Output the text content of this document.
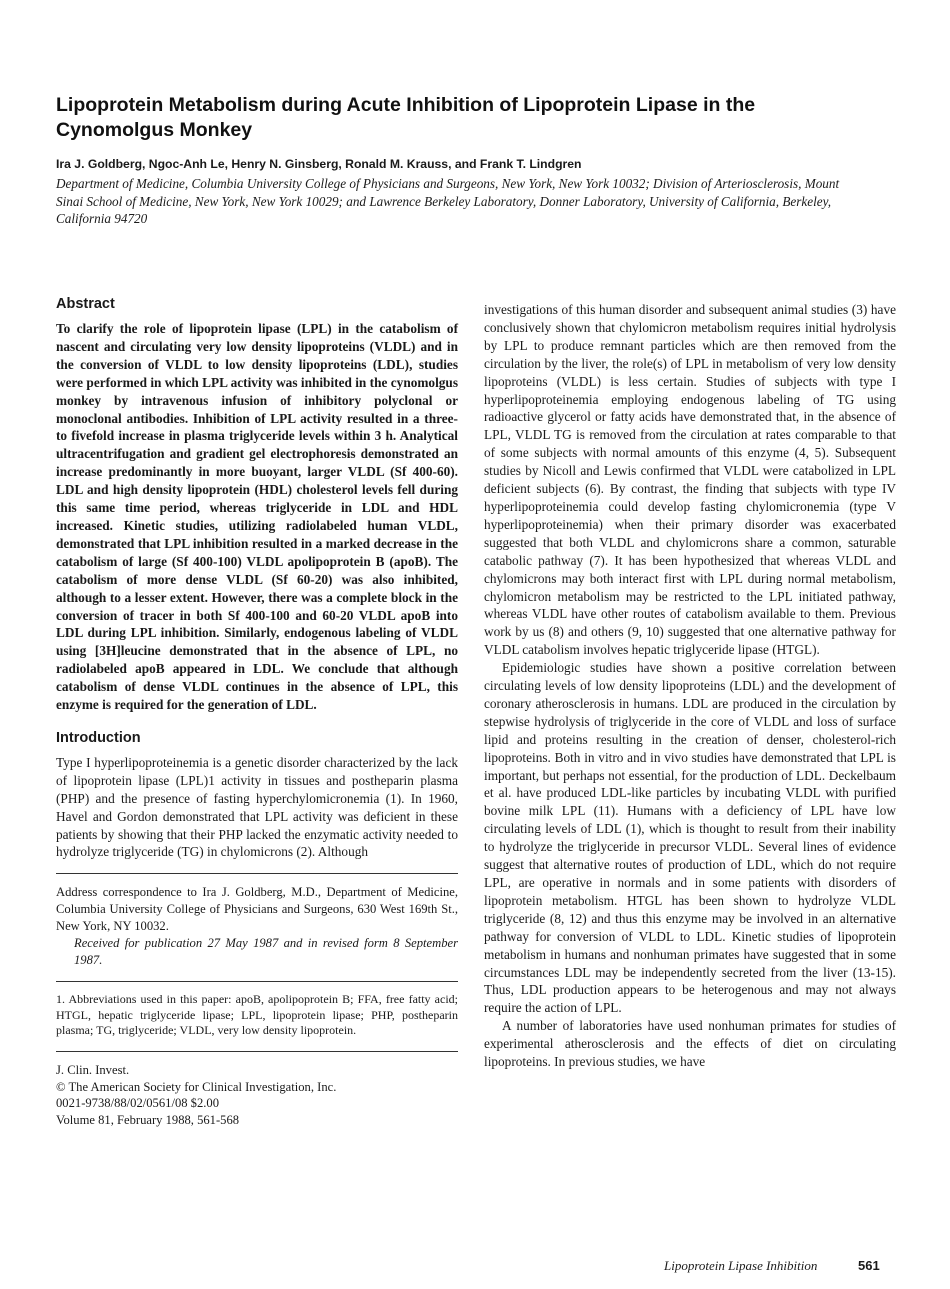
Lipoprotein Metabolism during Acute Inhibition of Lipoprotein Lipase in the Cynomolgus Monkey

Ira J. Goldberg, Ngoc-Anh Le, Henry N. Ginsberg, Ronald M. Krauss, and Frank T. Lindgren

Department of Medicine, Columbia University College of Physicians and Surgeons, New York, New York 10032; Division of Arteriosclerosis, Mount Sinai School of Medicine, New York, New York 10029; and Lawrence Berkeley Laboratory, Donner Laboratory, University of California, Berkeley, California 94720

Abstract

To clarify the role of lipoprotein lipase (LPL) in the catabolism of nascent and circulating very low density lipoproteins (VLDL) and in the conversion of VLDL to low density lipoproteins (LDL), studies were performed in which LPL activity was inhibited in the cynomolgus monkey by intravenous infusion of inhibitory polyclonal or monoclonal antibodies. Inhibition of LPL activity resulted in a three- to fivefold increase in plasma triglyceride levels within 3 h. Analytical ultracentrifugation and gradient gel electrophoresis demonstrated an increase predominantly in more buoyant, larger VLDL (Sf 400-60). LDL and high density lipoprotein (HDL) cholesterol levels fell during this same time period, whereas triglyceride in LDL and HDL increased. Kinetic studies, utilizing radiolabeled human VLDL, demonstrated that LPL inhibition resulted in a marked decrease in the catabolism of large (Sf 400-100) VLDL apolipoprotein B (apoB). The catabolism of more dense VLDL (Sf 60-20) was also inhibited, although to a lesser extent. However, there was a complete block in the conversion of tracer in both Sf 400-100 and 60-20 VLDL apoB into LDL during LPL inhibition. Similarly, endogenous labeling of VLDL using [3H]leucine demonstrated that in the absence of LPL, no radiolabeled apoB appeared in LDL. We conclude that although catabolism of dense VLDL continues in the absence of LPL, this enzyme is required for the generation of LDL.

Introduction

Type I hyperlipoproteinemia is a genetic disorder characterized by the lack of lipoprotein lipase (LPL)1 activity in tissues and postheparin plasma (PHP) and the presence of fasting hyperchylomicronemia (1). In 1960, Havel and Gordon demonstrated that LPL activity was deficient in these patients by showing that their PHP lacked the enzymatic activity needed to hydrolyze triglyceride (TG) in chylomicrons (2). Although

Address correspondence to Ira J. Goldberg, M.D., Department of Medicine, Columbia University College of Physicians and Surgeons, 630 West 169th St., New York, NY 10032.

Received for publication 27 May 1987 and in revised form 8 September 1987.

1. Abbreviations used in this paper: apoB, apolipoprotein B; FFA, free fatty acid; HTGL, hepatic triglyceride lipase; LPL, lipoprotein lipase; PHP, postheparin plasma; TG, triglyceride; VLDL, very low density lipoprotein.

J. Clin. Invest.

© The American Society for Clinical Investigation, Inc.

0021-9738/88/02/0561/08 $2.00

Volume 81, February 1988, 561-568

investigations of this human disorder and subsequent animal studies (3) have conclusively shown that chylomicron metabolism requires initial hydrolysis by LPL to produce remnant particles which are then removed from the circulation by the liver, the role(s) of LPL in metabolism of very low density lipoproteins (VLDL) is less certain. Studies of subjects with type I hyperlipoproteinemia employing endogenous labeling of TG using radioactive glycerol or fatty acids have demonstrated that, in the absence of LPL, VLDL TG is removed from the circulation at rates comparable to that of some subjects with normal amounts of this enzyme (4, 5). Subsequent studies by Nicoll and Lewis confirmed that VLDL were catabolized in LPL deficient subjects (6). By contrast, the finding that subjects with type IV hyperlipoproteinemia could develop fasting chylomicronemia (type V hyperlipoproteinemia) when their primary disorder was exacerbated suggested that both VLDL and chylomicrons share a common, saturable catabolic pathway (7). It has been hypothesized that whereas VLDL and chylomicrons may both interact first with LPL during normal metabolism, chylomicron metabolism may be restricted to the LPL initiated pathway, whereas VLDL have other routes of catabolism available to them. Previous work by us (8) and others (9, 10) suggested that one alternative pathway for VLDL catabolism involves hepatic triglyceride lipase (HTGL).

Epidemiologic studies have shown a positive correlation between circulating levels of low density lipoproteins (LDL) and the development of coronary atherosclerosis in humans. LDL are produced in the circulation by stepwise hydrolysis of triglyceride in the core of VLDL and loss of surface lipid and proteins resulting in the creation of denser, cholesterol-rich lipoproteins. Both in vitro and in vivo studies have demonstrated that LPL is important, but perhaps not essential, for the production of LDL. Deckelbaum et al. have produced LDL-like particles by incubating VLDL with purified bovine milk LPL (11). Humans with a deficiency of LPL have low circulating levels of LDL (1), which is thought to result from their inability to hydrolyze the triglyceride in precursor VLDL. Several lines of evidence suggest that alternative routes of production of LDL, which do not require LPL, are operative in normals and in some patients with disorders of lipoprotein metabolism. HTGL has been shown to hydrolyze VLDL triglyceride (8, 12) and thus this enzyme may be involved in an alternative pathway for conversion of VLDL to LDL. Kinetic studies of lipoprotein metabolism in humans and nonhuman primates have suggested that in some circumstances LDL may be independently secreted from the liver (13-15). Thus, LDL production appears to be heterogenous and may not always require the action of LPL.

A number of laboratories have used nonhuman primates for studies of experimental atherosclerosis and the effects of diet on circulating lipoproteins. In previous studies, we have

Lipoprotein Lipase Inhibition	561
